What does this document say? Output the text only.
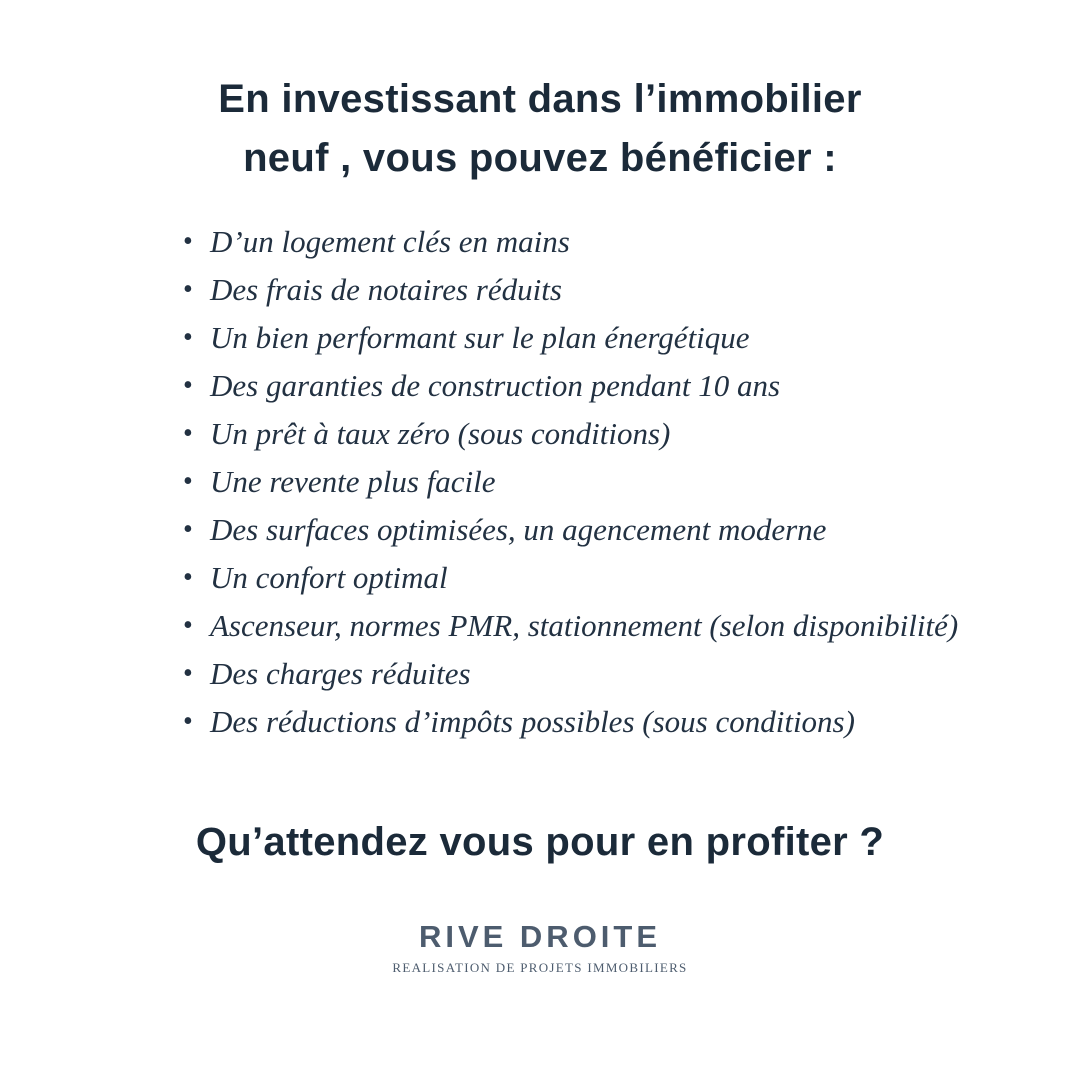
En investissant dans l’immobilier
neuf , vous pouvez bénéficier :
• D’un logement clés en mains
• Des frais de notaires réduits
• Un bien performant sur le plan énergétique
• Des garanties de construction pendant 10 ans
• Un prêt à taux zéro (sous conditions)
• Une revente plus facile
• Des surfaces optimisées, un agencement moderne
• Un confort optimal
• Ascenseur, normes PMR, stationnement (selon disponibilité)
• Des charges réduites
• Des réductions d’impôts possibles (sous conditions)
Qu’attendez vous pour en profiter ?
RIVE DROITE
REALISATION DE PROJETS IMMOBILIERS
